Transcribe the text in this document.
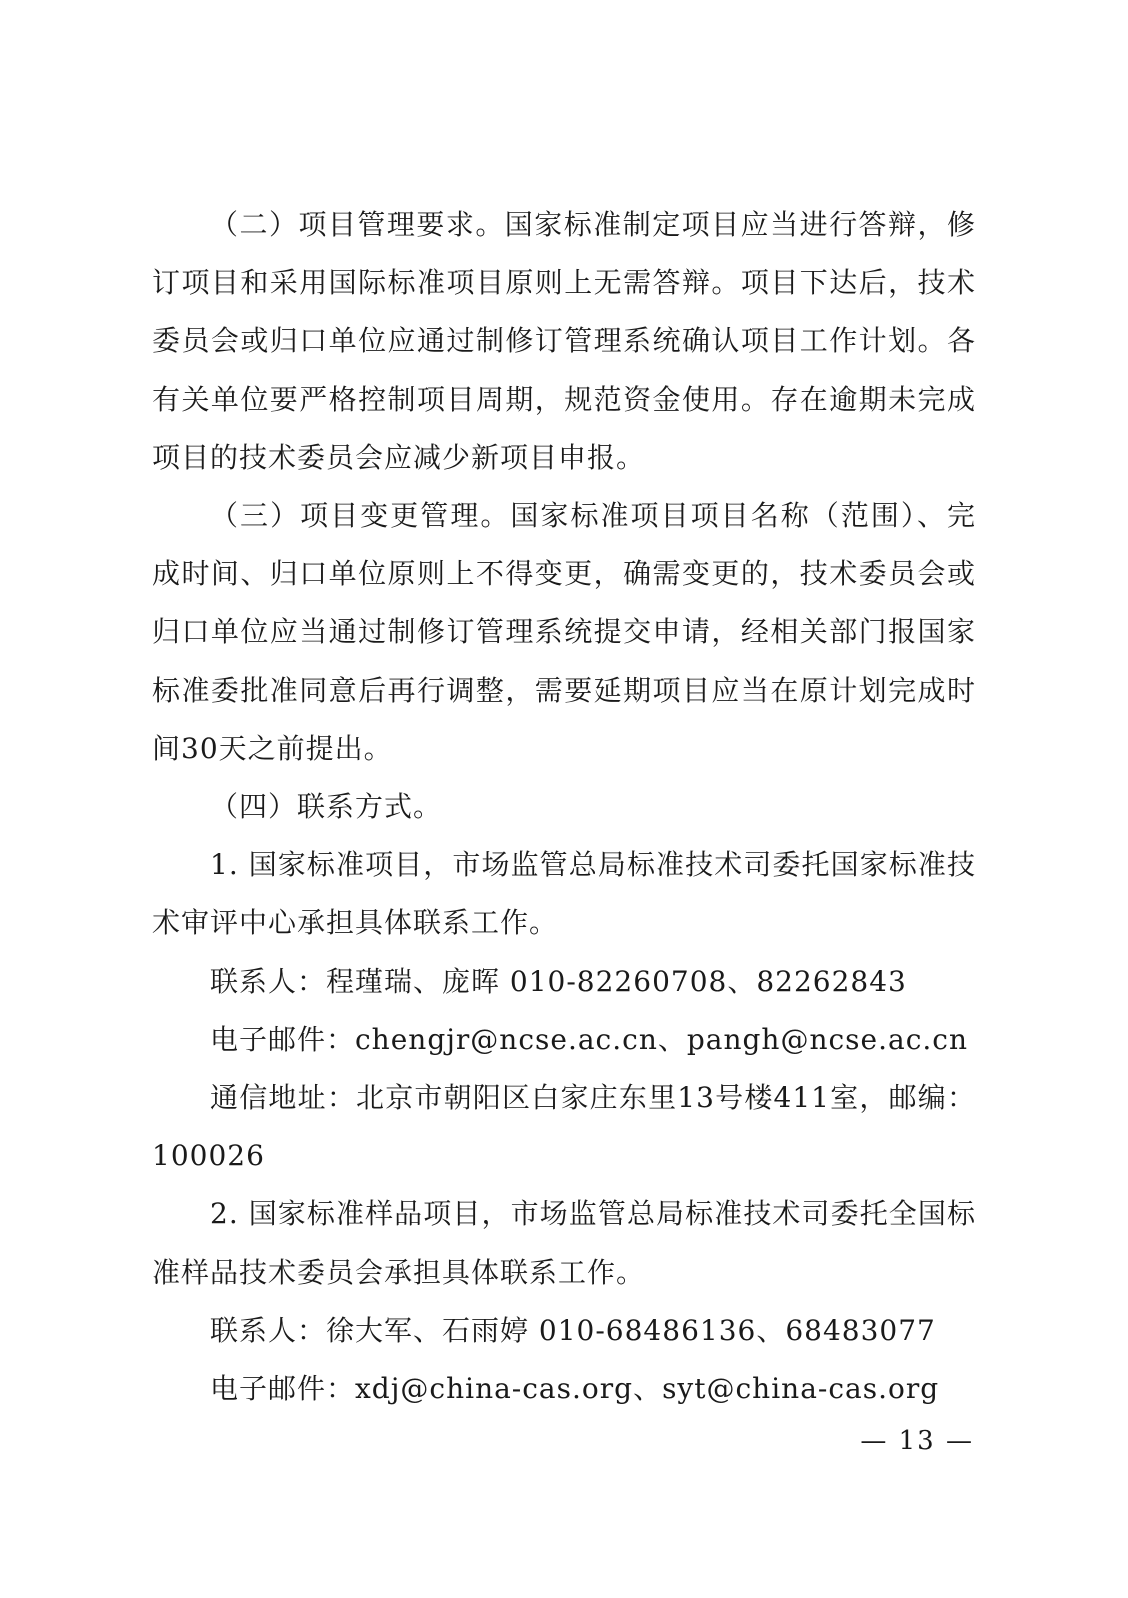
（二）项目管理要求。国家标准制定项目应当进行答辩，修订项目和采用国际标准项目原则上无需答辩。项目下达后，技术委员会或归口单位应通过制修订管理系统确认项目工作计划。各有关单位要严格控制项目周期，规范资金使用。存在逾期未完成项目的技术委员会应减少新项目申报。

（三）项目变更管理。国家标准项目项目名称（范围）、完成时间、归口单位原则上不得变更，确需变更的，技术委员会或归口单位应当通过制修订管理系统提交申请，经相关部门报国家标准委批准同意后再行调整，需要延期项目应当在原计划完成时间30天之前提出。

（四）联系方式。

1. 国家标准项目，市场监管总局标准技术司委托国家标准技术审评中心承担具体联系工作。

联系人：程瑾瑞、庞晖 010-82260708、82262843

电子邮件：chengjr@ncse.ac.cn、pangh@ncse.ac.cn

通信地址：北京市朝阳区白家庄东里13号楼411室，邮编：100026

2. 国家标准样品项目，市场监管总局标准技术司委托全国标准样品技术委员会承担具体联系工作。

联系人：徐大军、石雨婷 010-68486136、68483077

电子邮件：xdj@china-cas.org、syt@china-cas.org

— 13 —
